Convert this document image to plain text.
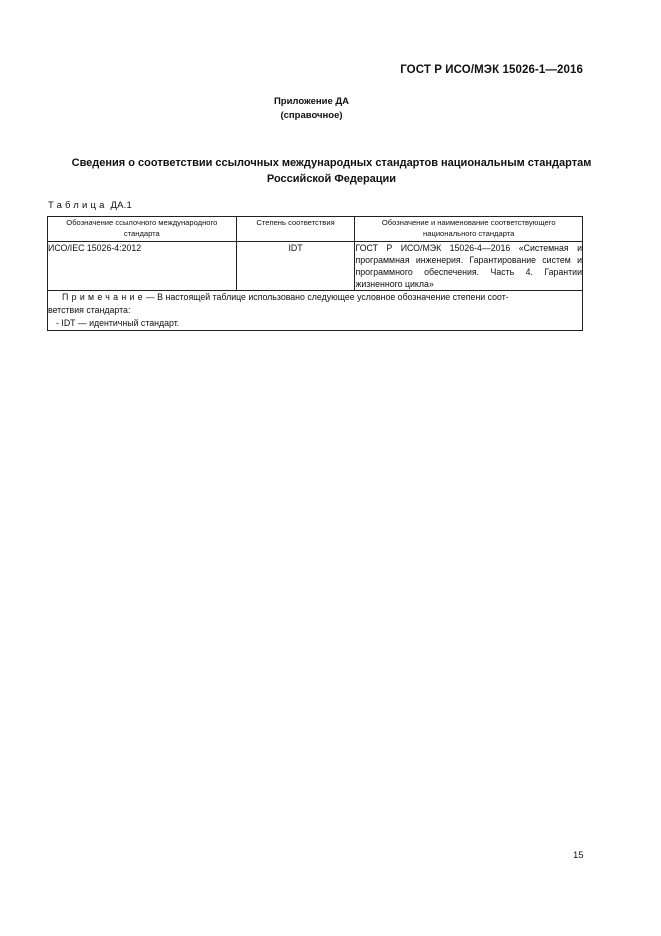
ГОСТ Р ИСО/МЭК 15026-1—2016
Приложение ДА
(справочное)
Сведения о соответствии ссылочных международных стандартов национальным стандартам
Российской Федерации
Таблица ДА.1
Обозначение ссылочного международного стандарта	Степень соответствия	Обозначение и наименование соответствующего национального стандарта
ИСО/IEC 15026-4:2012	IDT	ГОСТ Р ИСО/МЭК 15026-4—2016 «Системная и программная инженерия. Гарантирование систем и программного обеспечения. Часть 4. Гарантии жизненного цикла»
Примечание— В настоящей таблице использовано следующее условное обозначение степени соот-
ветствия стандарта:
- IDT — идентичный стандарт.		
15
